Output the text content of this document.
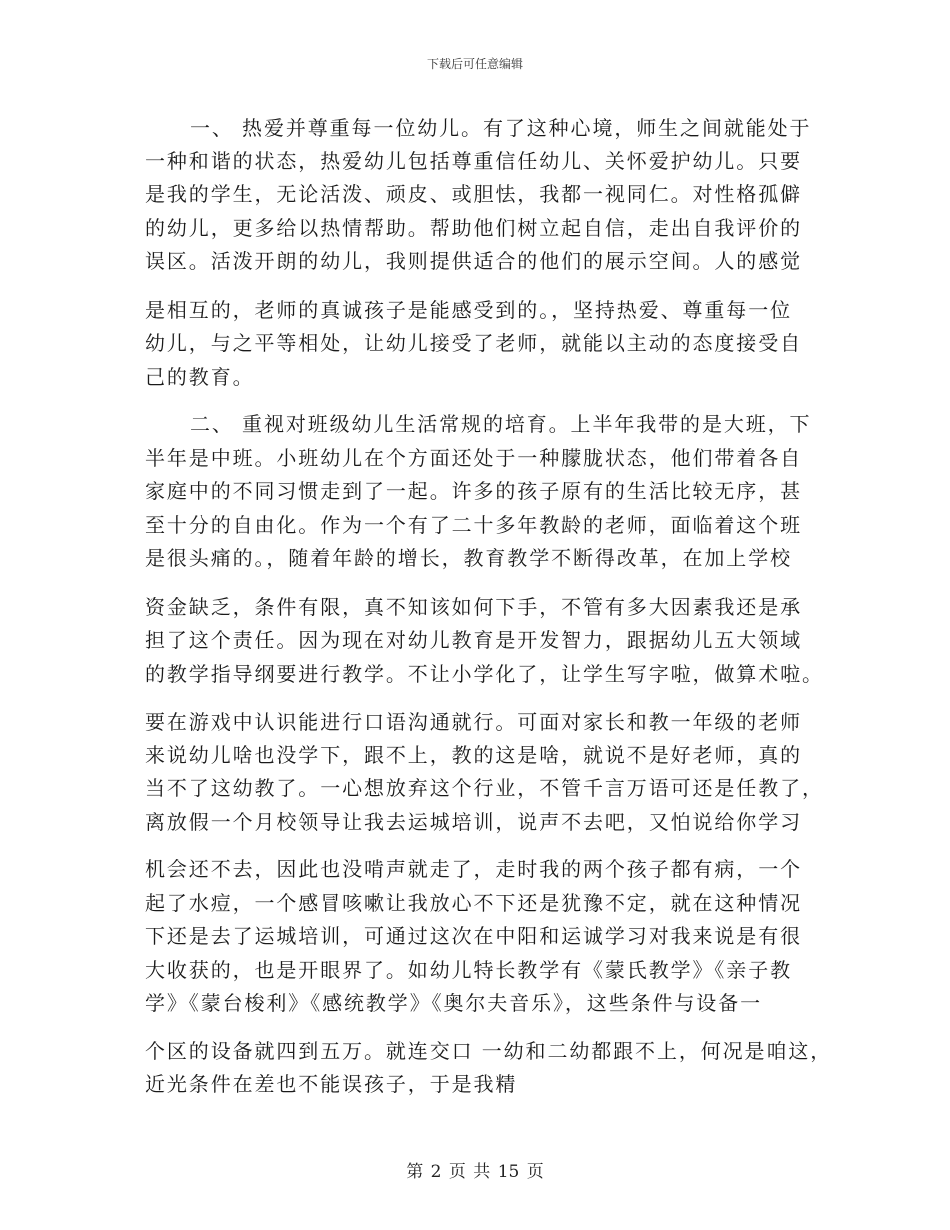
下载后可任意编辑
一、 热爱并尊重每一位幼儿。有了这种心境，师生之间就能处于
一种和谐的状态，热爱幼儿包括尊重信任幼儿、关怀爱护幼儿。只要
是我的学生，无论活泼、顽皮、或胆怯，我都一视同仁。对性格孤僻
的幼儿，更多给以热情帮助。帮助他们树立起自信，走出自我评价的
误区。活泼开朗的幼儿，我则提供适合的他们的展示空间。人的感觉
是相互的，老师的真诚孩子是能感受到的。，坚持热爱、尊重每一位
幼儿，与之平等相处，让幼儿接受了老师，就能以主动的态度接受自
己的教育。
二、 重视对班级幼儿生活常规的培育。上半年我带的是大班，下
半年是中班。小班幼儿在个方面还处于一种朦胧状态，他们带着各自
家庭中的不同习惯走到了一起。许多的孩子原有的生活比较无序，甚
至十分的自由化。作为一个有了二十多年教龄的老师，面临着这个班
是很头痛的。，随着年龄的增长，教育教学不断得改革，在加上学校
资金缺乏，条件有限，真不知该如何下手，不管有多大因素我还是承
担了这个责任。因为现在对幼儿教育是开发智力，跟据幼儿五大领域
的教学指导纲要进行教学。不让小学化了，让学生写字啦，做算术啦。
要在游戏中认识能进行口语沟通就行。可面对家长和教一年级的老师
来说幼儿啥也没学下，跟不上，教的这是啥，就说不是好老师，真的
当不了这幼教了。一心想放弃这个行业，不管千言万语可还是任教了，
离放假一个月校领导让我去运城培训，说声不去吧，又怕说给你学习
机会还不去，因此也没啃声就走了，走时我的两个孩子都有病，一个
起了水痘，一个感冒咳嗽让我放心不下还是犹豫不定，就在这种情况
下还是去了运城培训，可通过这次在中阳和运诚学习对我来说是有很
大收获的，也是开眼界了。如幼儿特长教学有《蒙氏教学》《亲子教
学》《蒙台梭利》《感统教学》《奥尔夫音乐》，这些条件与设备一
个区的设备就四到五万。就连交口 一幼和二幼都跟不上，何况是咱这，
近光条件在差也不能误孩子，于是我精
第 2 页 共 15 页
